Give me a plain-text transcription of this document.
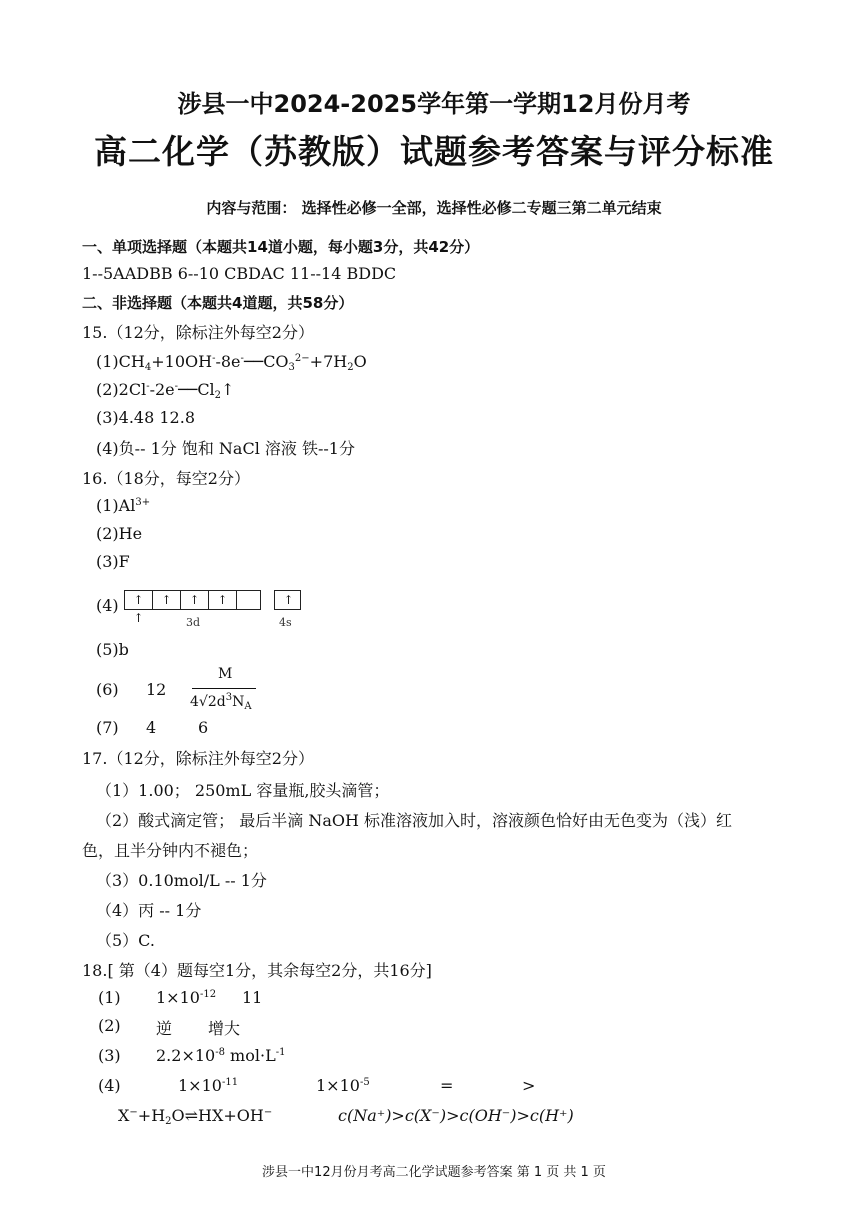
涉县一中2024-2025学年第一学期12月份月考
高二化学（苏教版）试题参考答案与评分标准
内容与范围： 选择性必修一全部，选择性必修二专题三第二单元结束
一、单项选择题（本题共14道小题，每小题3分，共42分）
1--5AADBB 6--10 CBDAC 11--14 BDDC
二、非选择题（本题共4道题，共58分）
15.（12分，除标注外每空2分）
$(1)CH_4+10OH^--8e^-──CO_3^{2-}+7H_2O$
$(2)2Cl^--2e^-──Cl_2↑$
(3)4.48 12.8
(4)负-- 1分 饱和 NaCl 溶液 铁--1分
16.（18分，每空2分）
$(1)Al^{3+}$
(2)He
(3)F
(4)	↑	↑	↑	↑
↑
↑
3d	4s
(5)b
(6) 12
M
$4√2d^3N_A$
(7) 4	6
17.（12分，除标注外每空2分）
（1）1.00； 250mL 容量瓶,胶头滴管；
（2）酸式滴定管； 最后半滴 NaOH 标准溶液加入时，溶液颜色恰好由无色变为（浅）红
色，且半分钟内不褪色；
（3）0.10mol/L -- 1分
（4）丙 -- 1分
（5）C.
18.[ 第（4）题每空1分，其余每空2分，共16分]
(1) $1\times 10^{-12}$ 11
(2) 逆 增大
(3) $2.2\times 10^{-8}$ $mol\cdot L^{-1}$
(4)	$1\times 10^{-11}$	$1\times 10^{-5}$	=	>
$X^-+H_2O\rightleftharpoons HX+OH^-$	c(Na⁺)>c(X⁻)>c(OH⁻)>c(H⁺)
涉县一中12月份月考高二化学试题参考答案 第 1 页 共 1 页
